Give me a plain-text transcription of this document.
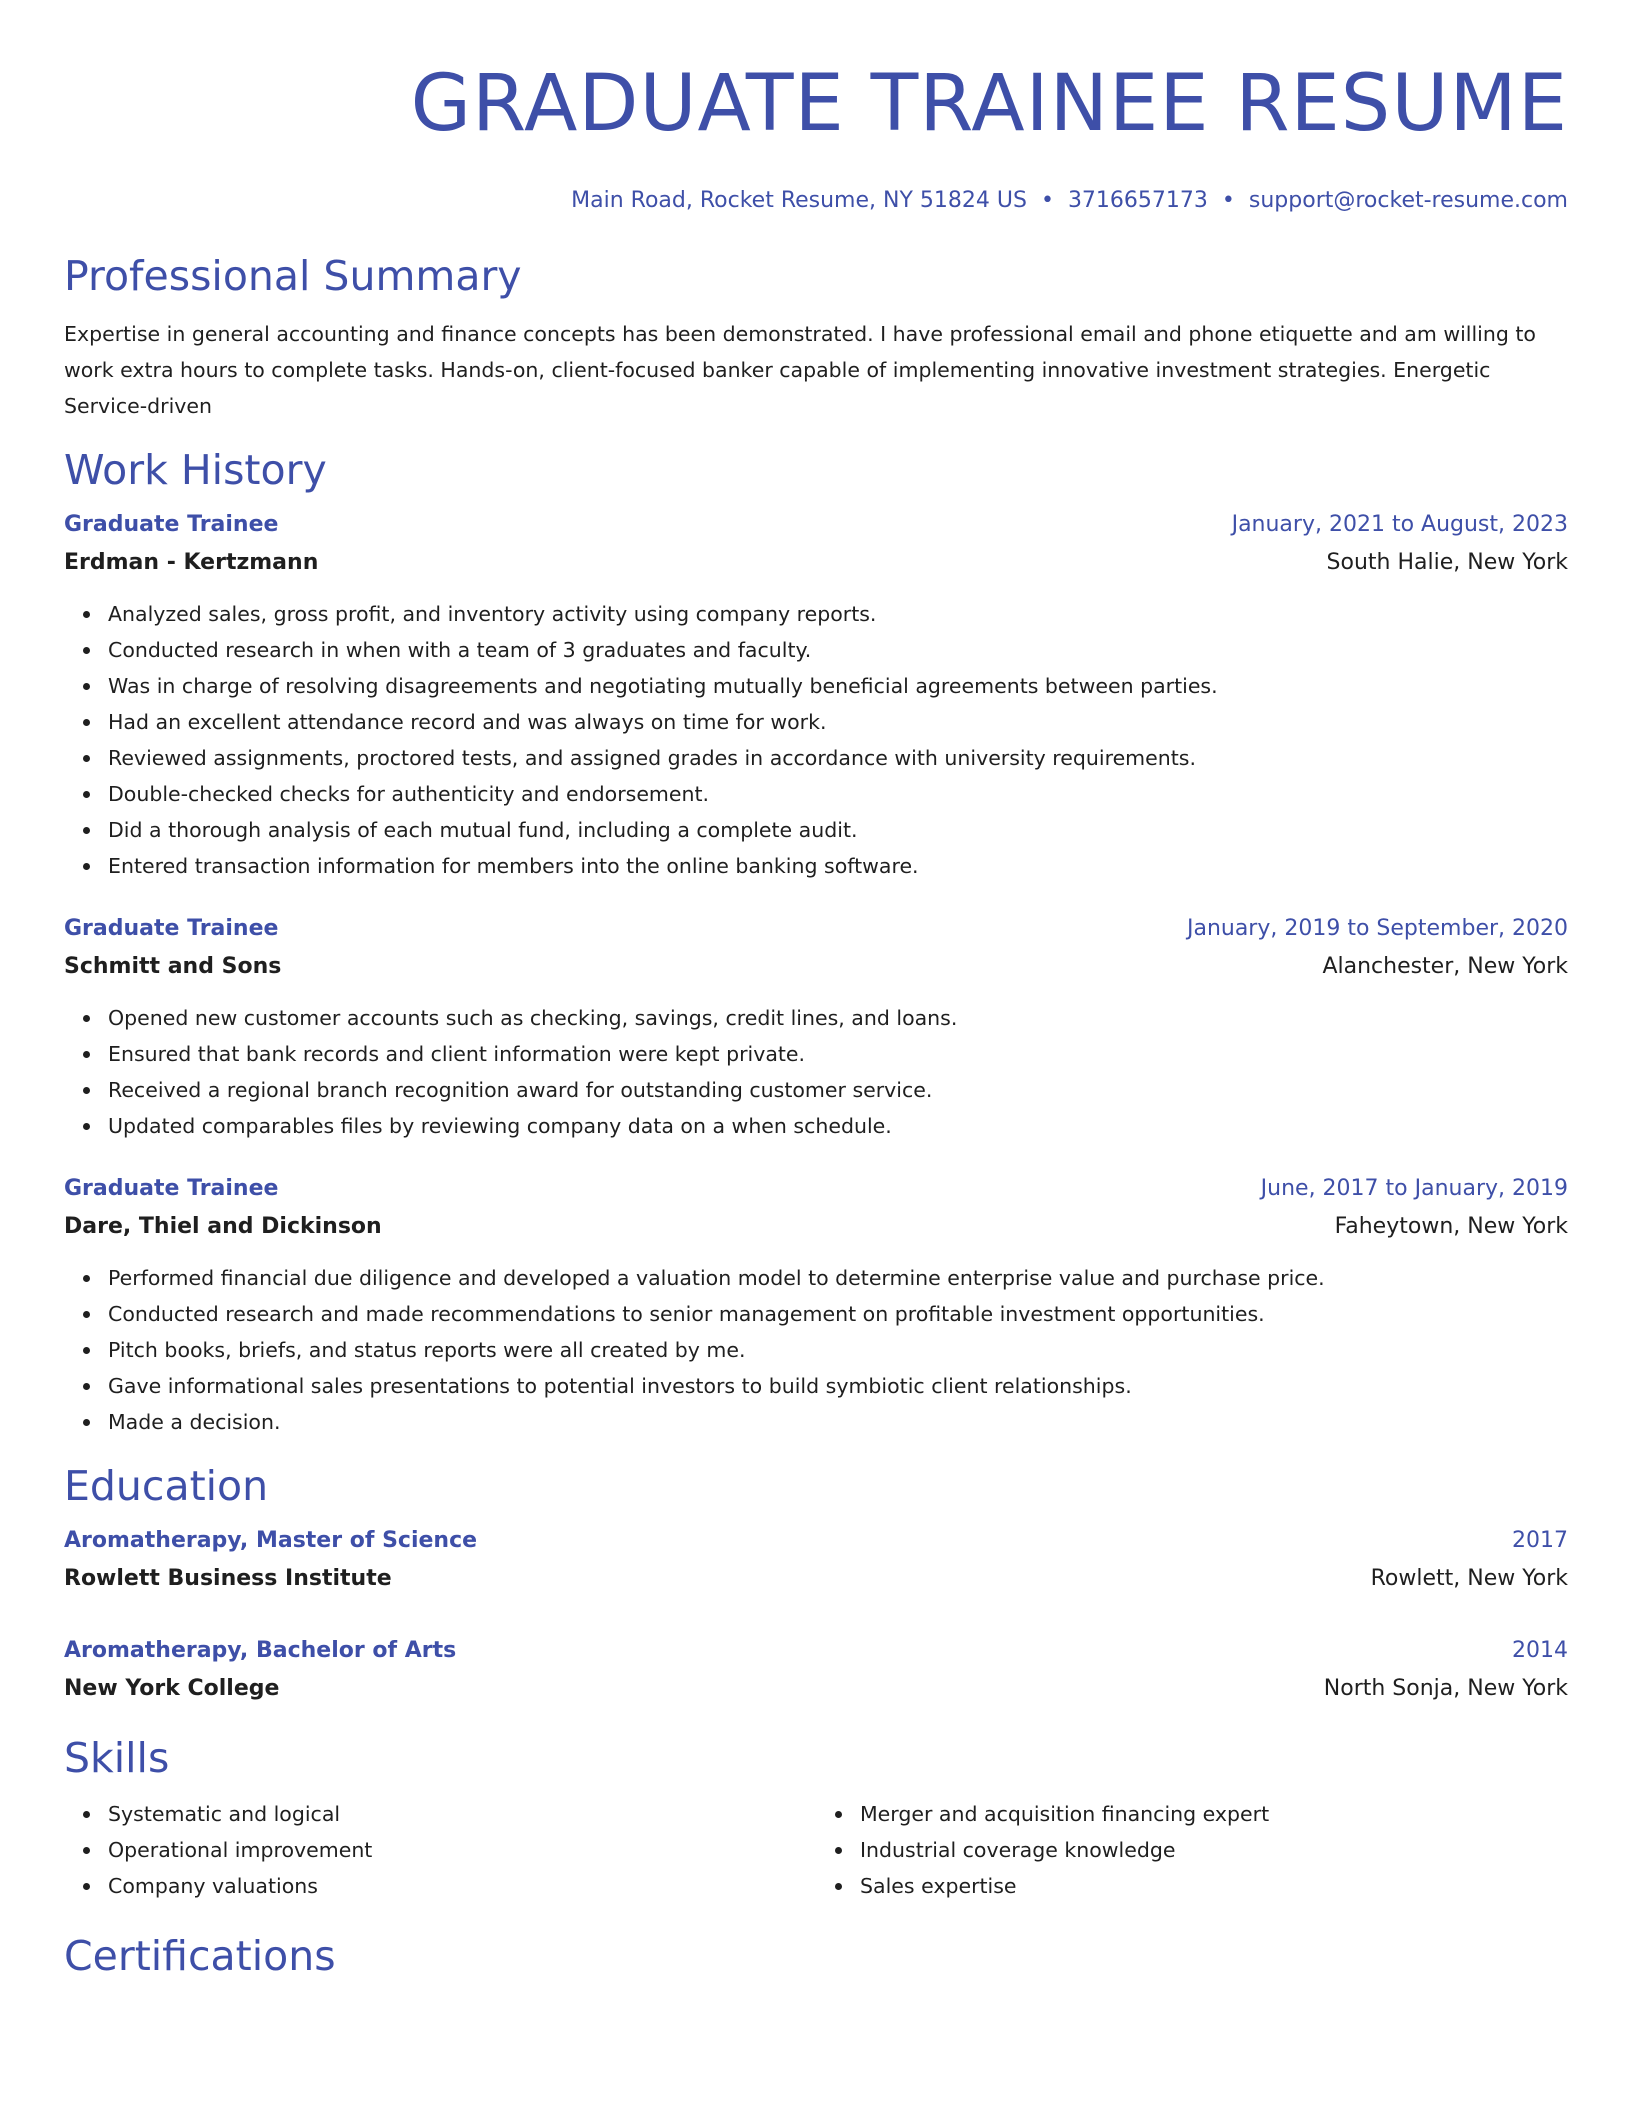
GRADUATE TRAINEE RESUME
Main Road, Rocket Resume, NY 51824 US • 3716657173 • support@rocket-resume.com
Professional Summary
Expertise in general accounting and finance concepts has been demonstrated. I have professional email and phone etiquette and am willing to work extra hours to complete tasks. Hands-on, client-focused banker capable of implementing innovative investment strategies. Energetic Service-driven
Work History
Graduate Trainee	January, 2021 to August, 2023
Erdman - Kertzmann	South Halie, New York
Analyzed sales, gross profit, and inventory activity using company reports.
Conducted research in when with a team of 3 graduates and faculty.
Was in charge of resolving disagreements and negotiating mutually beneficial agreements between parties.
Had an excellent attendance record and was always on time for work.
Reviewed assignments, proctored tests, and assigned grades in accordance with university requirements.
Double-checked checks for authenticity and endorsement.
Did a thorough analysis of each mutual fund, including a complete audit.
Entered transaction information for members into the online banking software.
Graduate Trainee	January, 2019 to September, 2020
Schmitt and Sons	Alanchester, New York
Opened new customer accounts such as checking, savings, credit lines, and loans.
Ensured that bank records and client information were kept private.
Received a regional branch recognition award for outstanding customer service.
Updated comparables files by reviewing company data on a when schedule.
Graduate Trainee	June, 2017 to January, 2019
Dare, Thiel and Dickinson	Faheytown, New York
Performed financial due diligence and developed a valuation model to determine enterprise value and purchase price.
Conducted research and made recommendations to senior management on profitable investment opportunities.
Pitch books, briefs, and status reports were all created by me.
Gave informational sales presentations to potential investors to build symbiotic client relationships.
Made a decision.
Education
Aromatherapy, Master of Science	2017
Rowlett Business Institute	Rowlett, New York
Aromatherapy, Bachelor of Arts	2014
New York College	North Sonja, New York
Skills
Systematic and logical
Operational improvement
Company valuations
Merger and acquisition financing expert
Industrial coverage knowledge
Sales expertise
Certifications
